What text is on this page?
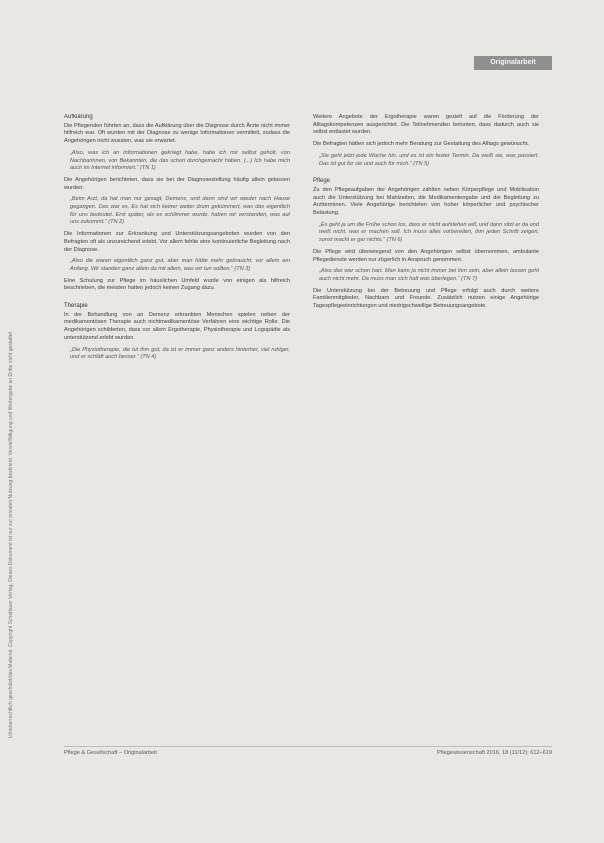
Urheberrechtlich geschützt/das Material. Copyright Schattauer Verlag, Dieses Dokument ist nur zur privaten Nutzung bestimmt. Vervielfältigung und Weitergabe an Dritte nicht gestattet.
Originalarbeit
Aufklärung

Die Pflegenden führten an, dass die Aufklärung über die Diagnose durch Ärzte nicht immer hilfreich war. Oft wurden mit der Diagnose zu wenige Informationen vermittelt, sodass die Angehörigen nicht wussten, was sie erwartet.

„Also, was ich an Informationen gekriegt habe, habe ich mir selbst geholt, von Nachbarinnen, von Bekannten, die das schon durchgemacht haben. (...) Ich habe mich auch im Internet informiert.“ (TN 1)

Die Angehörigen berichteten, dass sie bei der Diagnosestellung häufig allein gelassen wurden:

„Beim Arzt, da hat man nur gesagt, Demenz, und dann sind wir wieder nach Hause gegangen. Das war es. Es hat sich keiner weiter drum gekümmert, was das eigentlich für uns bedeutet. Erst später, als es schlimmer wurde, haben wir verstanden, was auf uns zukommt.“ (TN 2)

Die Informationen zur Erkrankung und Unterstützungsangeboten wurden von den Befragten oft als unzureichend erlebt. Vor allem fehlte eine kontinuierliche Begleitung nach der Diagnose.

„Also die waren eigentlich ganz gut, aber man hätte mehr gebraucht, vor allem am Anfang. Wir standen ganz allein da mit allem, was wir tun sollten.“ (TN 3)

Eine Schulung zur Pflege im häuslichen Umfeld wurde von einigen als hilfreich beschrieben, die meisten hatten jedoch keinen Zugang dazu.

Therapie

In der Behandlung von an Demenz erkrankten Menschen spielen neben der medikamentösen Therapie auch nichtmedikamentöse Verfahren eine wichtige Rolle. Die Angehörigen schilderten, dass vor allem Ergotherapie, Physiotherapie und Logopädie als unterstützend erlebt wurden.

„Die Physiotherapie, die tut ihm gut, da ist er immer ganz anders hinterher, viel ruhiger, und er schläft auch besser.“ (TN 4)

Weitere Angebote der Ergotherapie waren gezielt auf die Förderung der Alltagskompetenzen ausgerichtet. Die Teilnehmenden betonten, dass dadurch auch sie selbst entlastet wurden.

Die Befragten hätten sich jedoch mehr Beratung zur Gestaltung des Alltags gewünscht.

„Sie geht jetzt jede Woche hin, und es ist ein fester Termin. Da weiß sie, was passiert. Das ist gut für sie und auch für mich.“ (TN 5)

Pflege

Zu den Pflegeaufgaben der Angehörigen zählten neben Körperpflege und Mobilisation auch die Unterstützung bei Mahlzeiten, die Medikamentengabe und die Begleitung zu Arztterminen. Viele Angehörige berichteten von hoher körperlicher und psychischer Belastung.

„Es geht ja um die Frühe schon los, dass er nicht aufstehen will, und dann sitzt er da und weiß nicht, was er machen soll. Ich muss alles vorbereiten, ihm jeden Schritt zeigen, sonst macht er gar nichts.“ (TN 6)

Die Pflege wird überwiegend von den Angehörigen selbst übernommen, ambulante Pflegedienste werden nur zögerlich in Anspruch genommen.

„Also das war schon hart. Man kann ja nicht immer bei ihm sein, aber allein lassen geht auch nicht mehr. Da muss man sich halt was überlegen.“ (TN 7)

Die Unterstützung bei der Betreuung und Pflege erfolgt auch durch weitere Familienmitglieder, Nachbarn und Freunde. Zusätzlich nutzen einige Angehörige Tagespflegeeinrichtungen und niedrigschwellige Betreuungsangebote.

Pflege & Gesellschaft – Originalarbeit	Pflegewissenschaft 2016, 18 (11/12): 612–619
